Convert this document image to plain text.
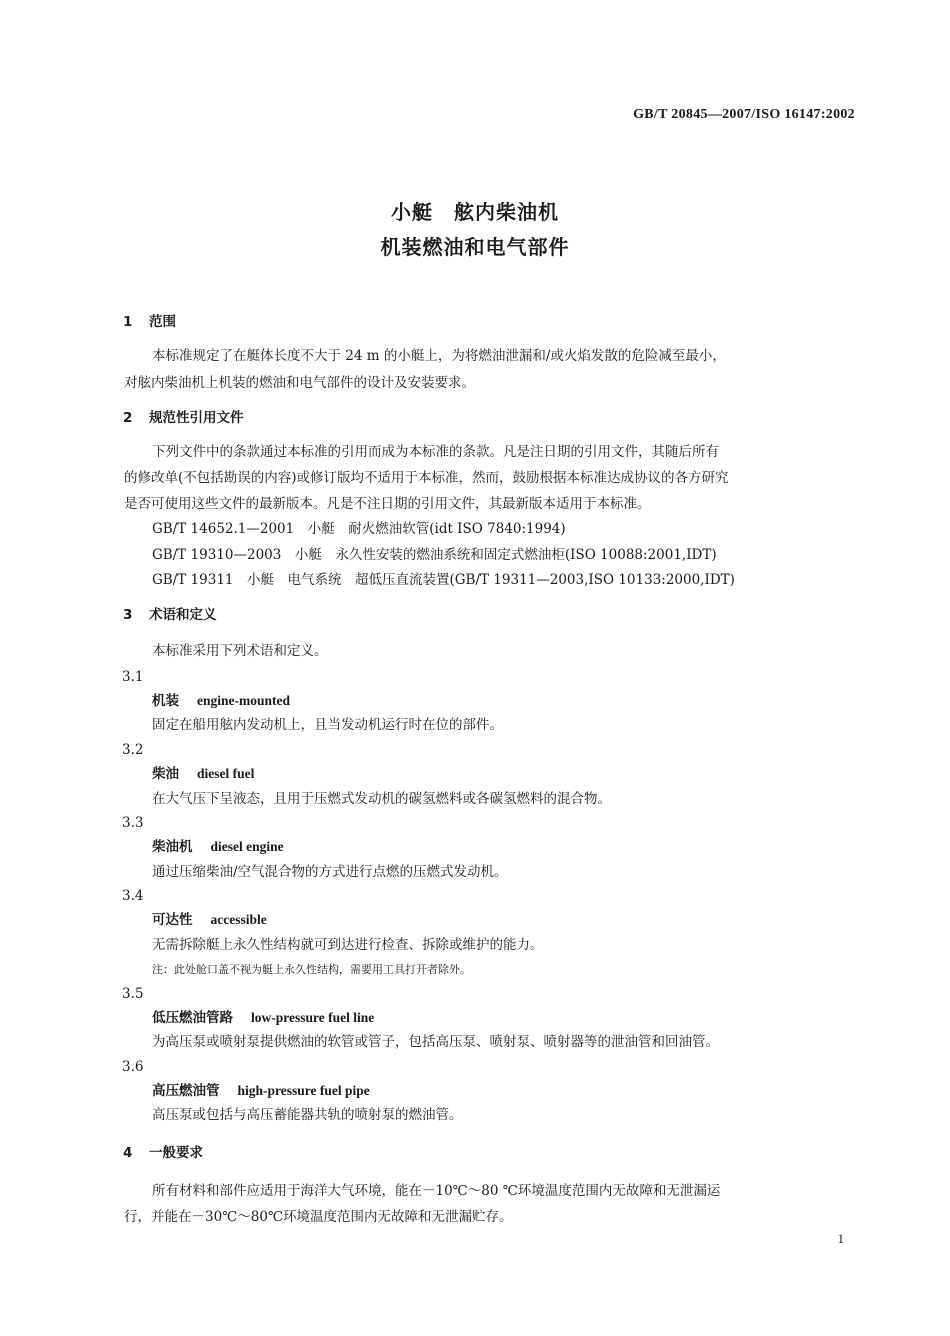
GB/T 20845—2007/ISO 16147:2002
小艇　舷内柴油机
机装燃油和电气部件
1 范围
本标准规定了在艇体长度不大于 24 m 的小艇上，为将燃油泄漏和/或火焰发散的危险减至最小，
对舷内柴油机上机装的燃油和电气部件的设计及安装要求。
2 规范性引用文件
下列文件中的条款通过本标准的引用而成为本标准的条款。凡是注日期的引用文件，其随后所有
的修改单(不包括勘误的内容)或修订版均不适用于本标准，然而，鼓励根据本标准达成协议的各方研究
是否可使用这些文件的最新版本。凡是不注日期的引用文件，其最新版本适用于本标准。
GB/T 14652.1—2001　小艇　耐火燃油软管(idt ISO 7840:1994)
GB/T 19310—2003　小艇　永久性安装的燃油系统和固定式燃油柜(ISO 10088:2001,IDT)
GB/T 19311　小艇　电气系统　超低压直流装置(GB/T 19311—2003,ISO 10133:2000,IDT)
3 术语和定义
本标准采用下列术语和定义。
3.1
机装 engine-mounted
固定在船用舷内发动机上，且当发动机运行时在位的部件。
3.2
柴油 diesel fuel
在大气压下呈液态，且用于压燃式发动机的碳氢燃料或各碳氢燃料的混合物。
3.3
柴油机 diesel engine
通过压缩柴油/空气混合物的方式进行点燃的压燃式发动机。
3.4
可达性 accessible
无需拆除艇上永久性结构就可到达进行检查、拆除或维护的能力。
注：此处舱口盖不视为艇上永久性结构，需要用工具打开者除外。
3.5
低压燃油管路 low-pressure fuel line
为高压泵或喷射泵提供燃油的软管或管子，包括高压泵、喷射泵、喷射器等的泄油管和回油管。
3.6
高压燃油管 high-pressure fuel pipe
高压泵或包括与高压蓄能器共轨的喷射泵的燃油管。
4 一般要求
所有材料和部件应适用于海洋大气环境，能在－10℃～80 ℃环境温度范围内无故障和无泄漏运
行，并能在－30℃～80℃环境温度范围内无故障和无泄漏贮存。
1
